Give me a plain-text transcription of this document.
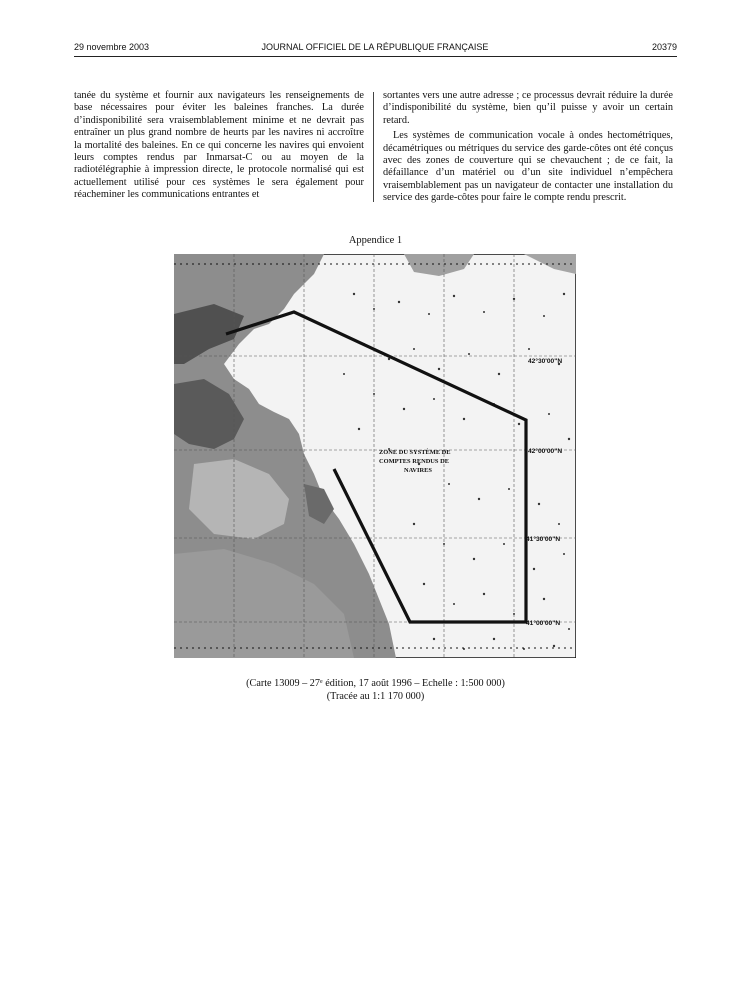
29 novembre 2003	JOURNAL OFFICIEL DE LA RÉPUBLIQUE FRANÇAISE	20379

tanée du système et fournir aux navigateurs les renseignements de base nécessaires pour éviter les baleines franches. La durée d’indisponibilité sera vraisemblablement minime et ne devrait pas entraîner un plus grand nombre de heurts par les navires ni accroître la mortalité des baleines. En ce qui concerne les navires qui envoient leurs comptes rendus par Inmarsat-C ou au moyen de la radiotélégraphie à impression directe, le protocole normalisé qui est actuellement utilisé pour ces systèmes le sera également pour réacheminer les communications entrantes et

sortantes vers une autre adresse ; ce processus devrait réduire la durée d’indisponibilité du système, bien qu’il puisse y avoir un certain retard.

Les systèmes de communication vocale à ondes hectométriques, décamétriques ou métriques du service des garde-côtes ont été conçus avec des zones de couverture qui se chevauchent ; de ce fait, la défaillance d’un matériel ou d’un site individuel n’empêchera vraisemblablement pas un navigateur de contacter une installation du service des garde-côtes pour faire le compte rendu prescrit.

Appendice 1
ZONE DU SYSTÈME DE
COMPTES RENDUS DE
NAVIRES
42°30'00"N
42°00'00"N
41°30'00"N
41°00'00"N
(Carte 13009 – 27e édition, 17 août 1996 – Echelle : 1:500 000)
(Tracée au 1:1 170 000)
